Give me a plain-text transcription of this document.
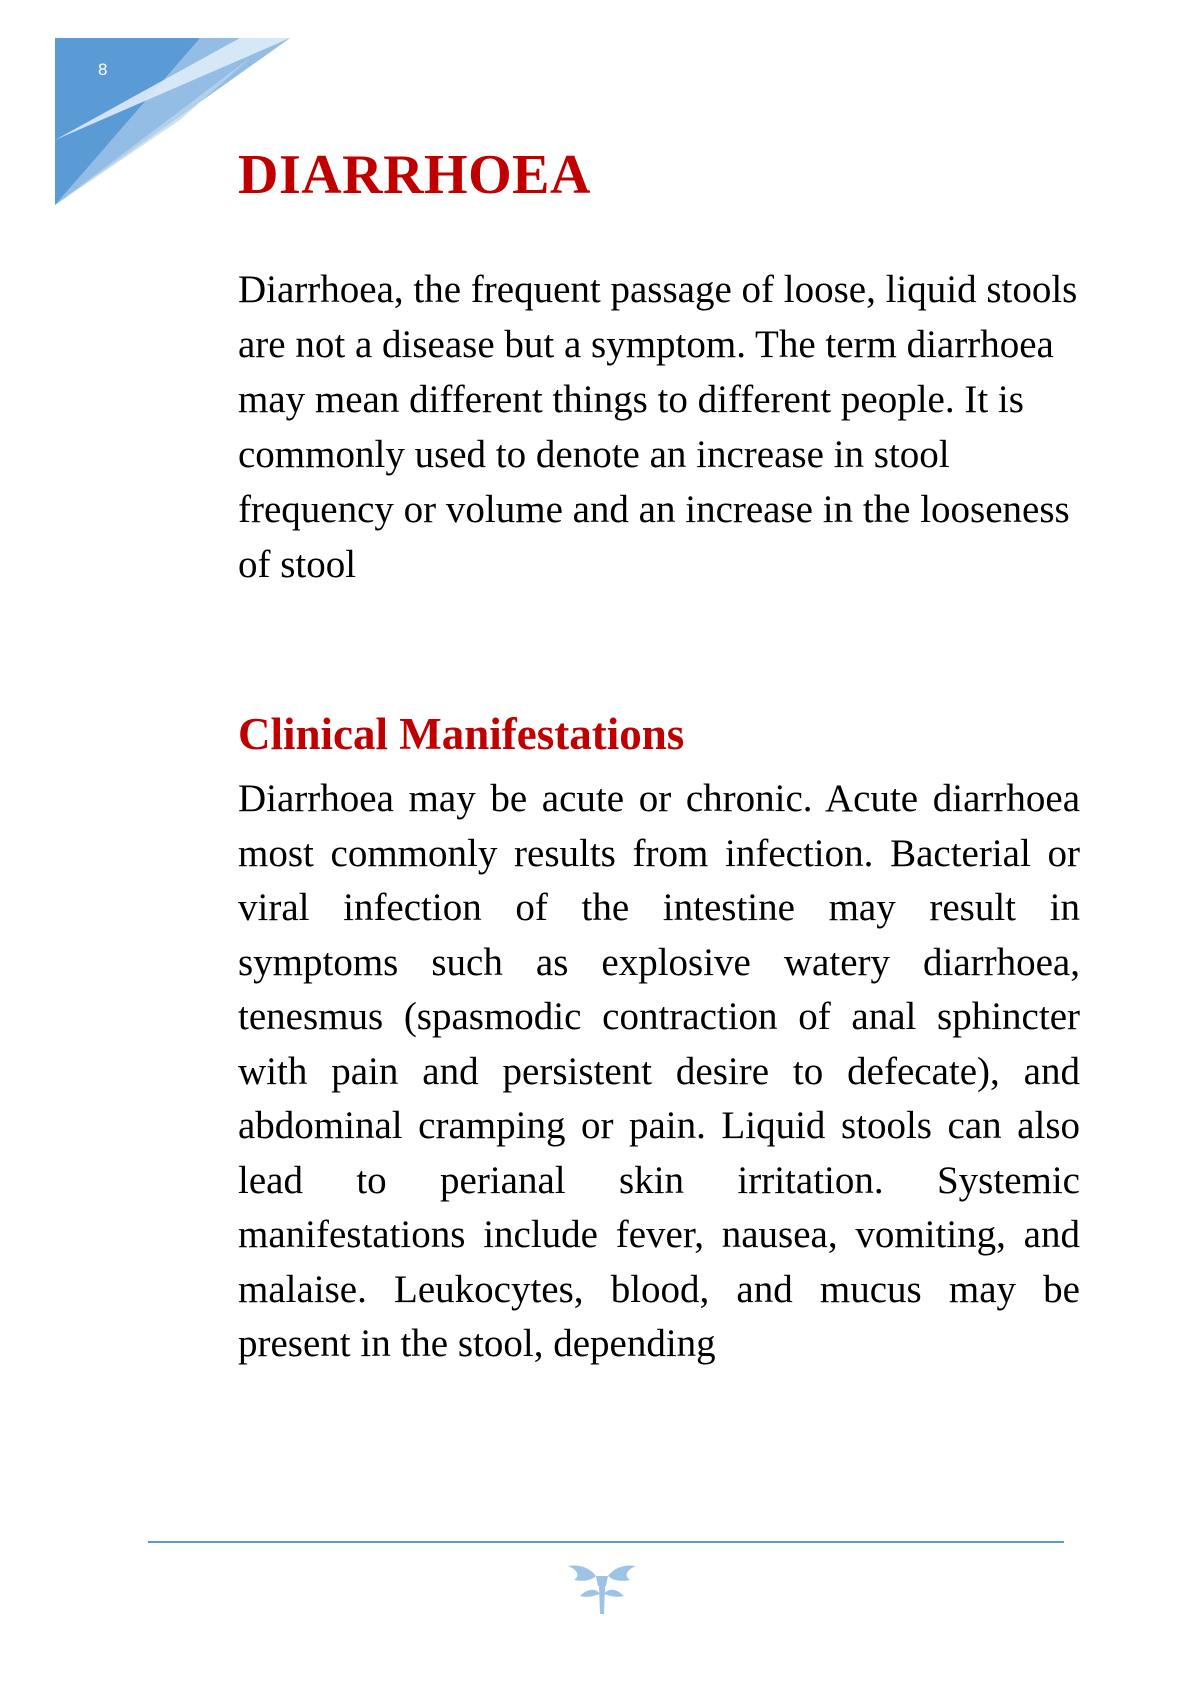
8
DIARRHOEA

Diarrhoea, the frequent passage of loose, liquid stools are not a disease but a symptom. The term diarrhoea may mean different things to different people. It is commonly used to denote an increase in stool frequency or volume and an increase in the looseness of stool

Clinical Manifestations

Diarrhoea may be acute or chronic. Acute diarrhoea most commonly results from infection. Bacterial or viral infection of the intestine may result in symptoms such as explosive watery diarrhoea, tenesmus (spasmodic contraction of anal sphincter with pain and persistent desire to defecate), and abdominal cramping or pain. Liquid stools can also lead to perianal skin irritation. Systemic manifestations include fever, nausea, vomiting, and malaise. Leukocytes, blood, and mucus may be present in the stool, depending
